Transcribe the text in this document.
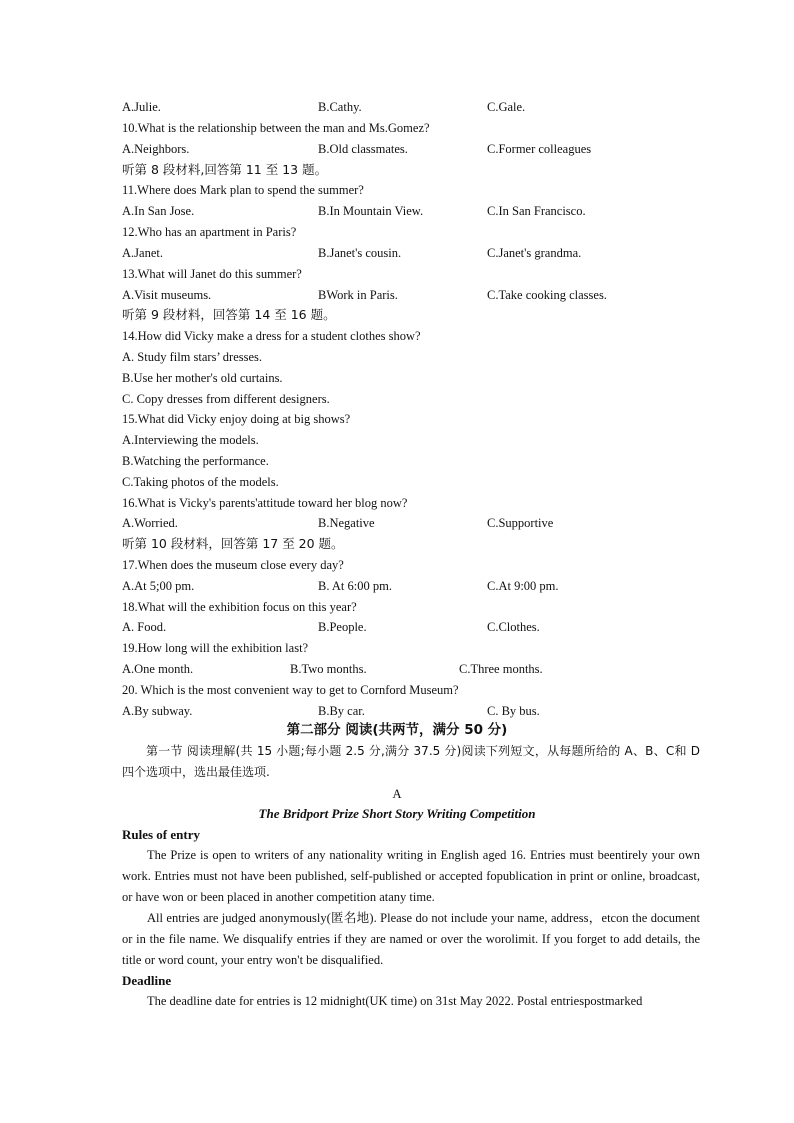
A.Julie.	B.Cathy.	C.Gale.
10.What is the relationship between the man and Ms.Gomez?
A.Neighbors.	B.Old classmates.	C.Former colleagues
听第 8 段材料,回答第 11 至 13 题。
11.Where does Mark plan to spend the summer?
A.In San Jose.	B.In Mountain View.	C.In San Francisco.
12.Who has an apartment in Paris?
A.Janet.	B.Janet's cousin.	C.Janet's grandma.
13.What will Janet do this summer?
A.Visit museums.	BWork in Paris.	C.Take cooking classes.
听第 9 段材料，回答第 14 至 16 题。
14.How did Vicky make a dress for a student clothes show?
A. Study film stars’ dresses.
B.Use her mother's old curtains.
C. Copy dresses from different designers.
15.What did Vicky enjoy doing at big shows?
A.Interviewing the models.
B.Watching the performance.
C.Taking photos of the models.
16.What is Vicky's parents'attitude toward her blog now?
A.Worried.	B.Negative	C.Supportive
听第 10 段材料，回答第 17 至 20 题。
17.When does the museum close every day?
A.At 5;00 pm.	B. At 6:00 pm.	C.At 9:00 pm.
18.What will the exhibition focus on this year?
A. Food.	B.People.	C.Clothes.
19.How long will the exhibition last?
A.One month.	B.Two months.	C.Three months.
20. Which is the most convenient way to get to Cornford Museum?
A.By subway.	B.By car.	C. By bus.
第二部分 阅读(共两节，满分 50 分)
第一节 阅读理解(共 15 小题;每小题 2.5 分,满分 37.5 分)阅读下列短文，从每题所给的 A、B、C和 D 四个选项中，选出最佳选项.
A
The Bridport Prize Short Story Writing Competition
Rules of entry
The Prize is open to writers of any nationality writing in English aged 16. Entries must beentirely your own work. Entries must not have been published, self-published or accepted fopublication in print or online, broadcast, or have won or been placed in another competition atany time.
All entries are judged anonymously(匿名地). Please do not include your name, address，etcon the document or in the file name. We disqualify entries if they are named or over the worolimit. If you forget to add details, the title or word count, your entry won't be disqualified.
Deadline
The deadline date for entries is 12 midnight(UK time) on 31st May 2022. Postal entriespostmarked
